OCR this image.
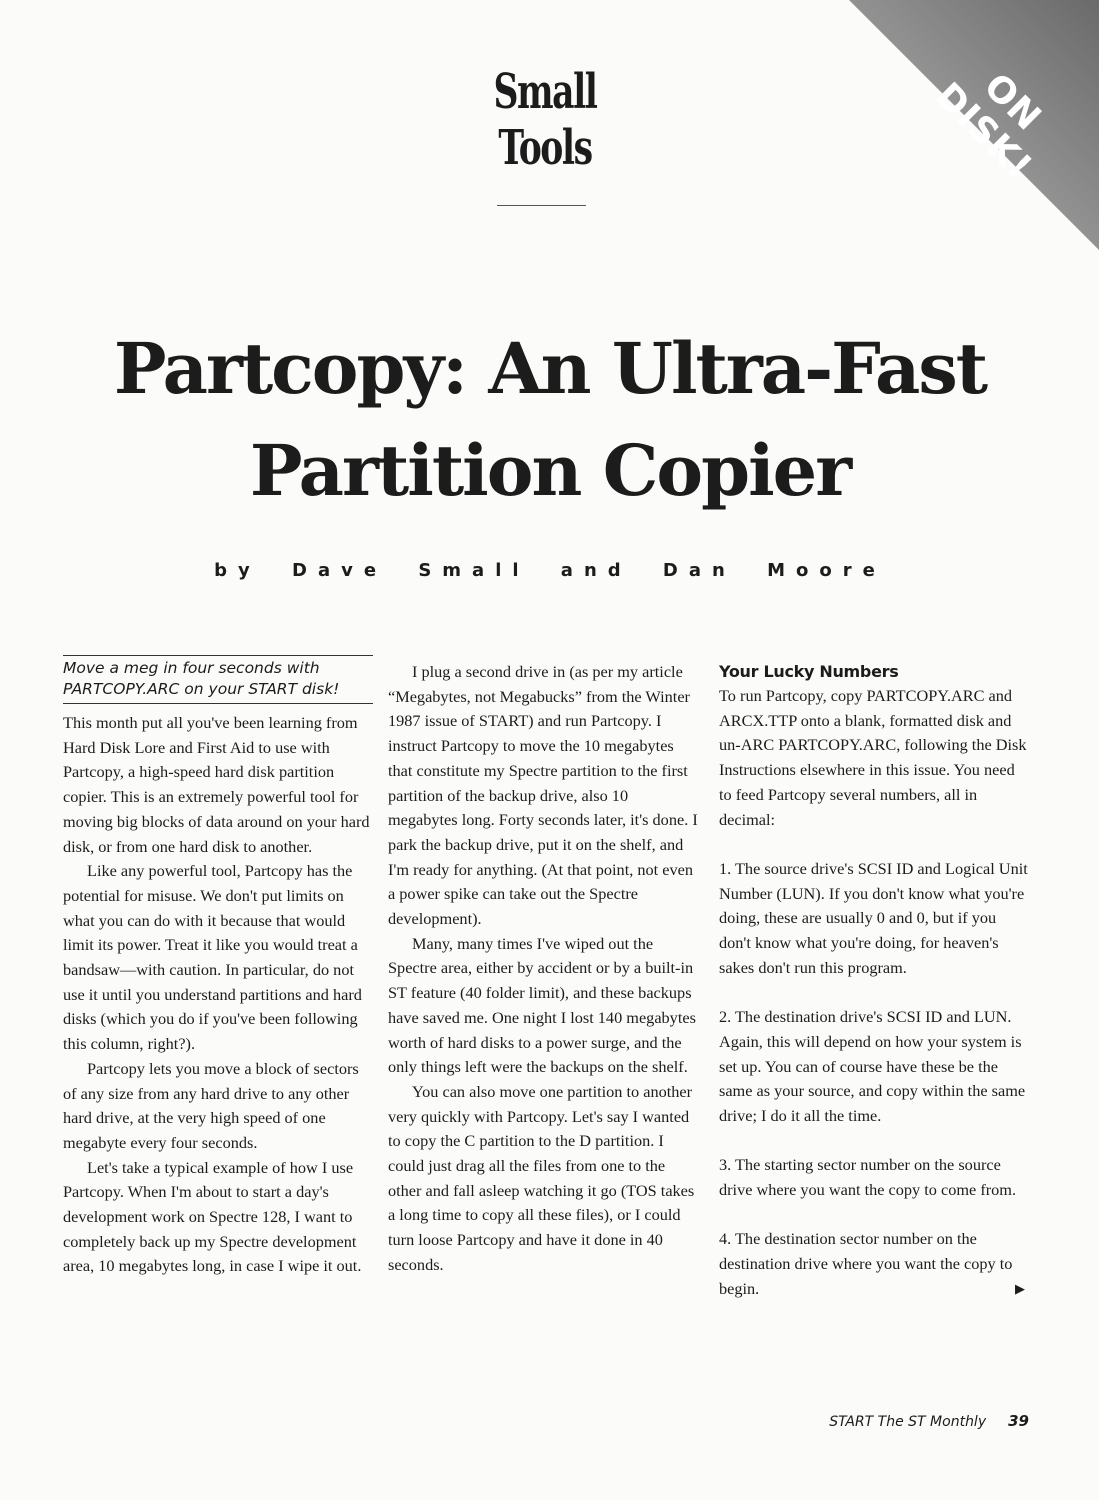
ON DISK!
Small
Tools
Partcopy: An Ultra-Fast
Partition Copier
by Dave Small and Dan Moore
Move a meg in four seconds with
PARTCOPY.ARC on your START disk!

This month put all you've been learning from Hard Disk Lore and First Aid to use with Partcopy, a high-speed hard disk partition copier. This is an extremely powerful tool for moving big blocks of data around on your hard disk, or from one hard disk to another.

Like any powerful tool, Partcopy has the potential for misuse. We don't put limits on what you can do with it because that would limit its power. Treat it like you would treat a bandsaw—with caution. In particular, do not use it until you understand partitions and hard disks (which you do if you've been following this column, right?).

Partcopy lets you move a block of sectors of any size from any hard drive to any other hard drive, at the very high speed of one megabyte every four seconds.

Let's take a typical example of how I use Partcopy. When I'm about to start a day's development work on Spectre 128, I want to completely back up my Spectre development area, 10 megabytes long, in case I wipe it out.

I plug a second drive in (as per my article “Megabytes, not Megabucks” from the Winter 1987 issue of START) and run Partcopy. I instruct Partcopy to move the 10 megabytes that constitute my Spectre partition to the first partition of the backup drive, also 10 megabytes long. Forty seconds later, it's done. I park the backup drive, put it on the shelf, and I'm ready for anything. (At that point, not even a power spike can take out the Spectre development).

Many, many times I've wiped out the Spectre area, either by accident or by a built-in ST feature (40 folder limit), and these backups have saved me. One night I lost 140 megabytes worth of hard disks to a power surge, and the only things left were the backups on the shelf.

You can also move one partition to another very quickly with Partcopy. Let's say I wanted to copy the C partition to the D partition. I could just drag all the files from one to the other and fall asleep watching it go (TOS takes a long time to copy all these files), or I could turn loose Partcopy and have it done in 40 seconds.

Your Lucky Numbers

To run Partcopy, copy PARTCOPY.ARC and ARCX.TTP onto a blank, formatted disk and un-ARC PARTCOPY.ARC, following the Disk Instructions elsewhere in this issue. You need to feed Partcopy several numbers, all in decimal:

1. The source drive's SCSI ID and Logical Unit Number (LUN). If you don't know what you're doing, these are usually 0 and 0, but if you don't know what you're doing, for heaven's sakes don't run this program.

2. The destination drive's SCSI ID and LUN. Again, this will depend on how your system is set up. You can of course have these be the same as your source, and copy within the same drive; I do it all the time.

3. The starting sector number on the source drive where you want the copy to come from.

4. The destination sector number on the destination drive where you want the copy to begin.	▶

START The ST Monthly 39
